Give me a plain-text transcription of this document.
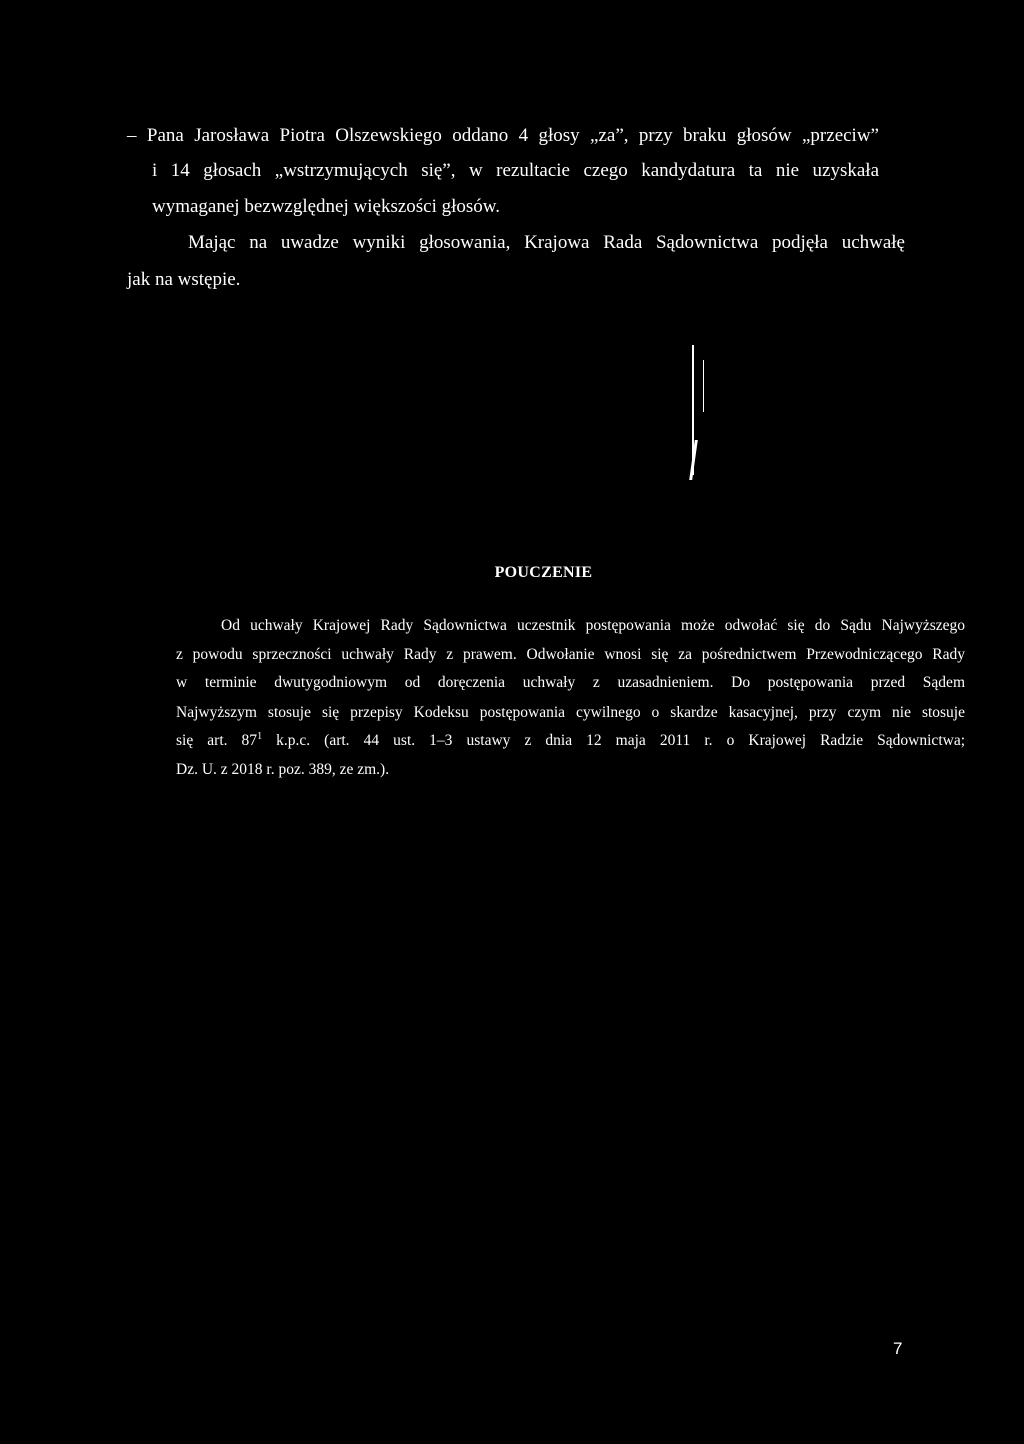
– Pana Jarosława Piotra Olszewskiego oddano 4 głosy „za”, przy braku głosów „przeciw”
i 14 głosach „wstrzymujących się”, w rezultacie czego kandydatura ta nie uzyskała
wymaganej bezwzględnej większości głosów.
Mając na uwadze wyniki głosowania, Krajowa Rada Sądownictwa podjęła uchwałę
jak na wstępie.
POUCZENIE
Od uchwały Krajowej Rady Sądownictwa uczestnik postępowania może odwołać się do Sądu Najwyższego
z powodu sprzeczności uchwały Rady z prawem. Odwołanie wnosi się za pośrednictwem Przewodniczącego Rady
w terminie dwutygodniowym od doręczenia uchwały z uzasadnieniem. Do postępowania przed Sądem
Najwyższym stosuje się przepisy Kodeksu postępowania cywilnego o skardze kasacyjnej, przy czym nie stosuje
się art. $87^1$ k.p.c. (art. 44 ust. 1–3 ustawy z dnia 12 maja 2011 r. o Krajowej Radzie Sądownictwa;
Dz. U. z 2018 r. poz. 389, ze zm.).
7
